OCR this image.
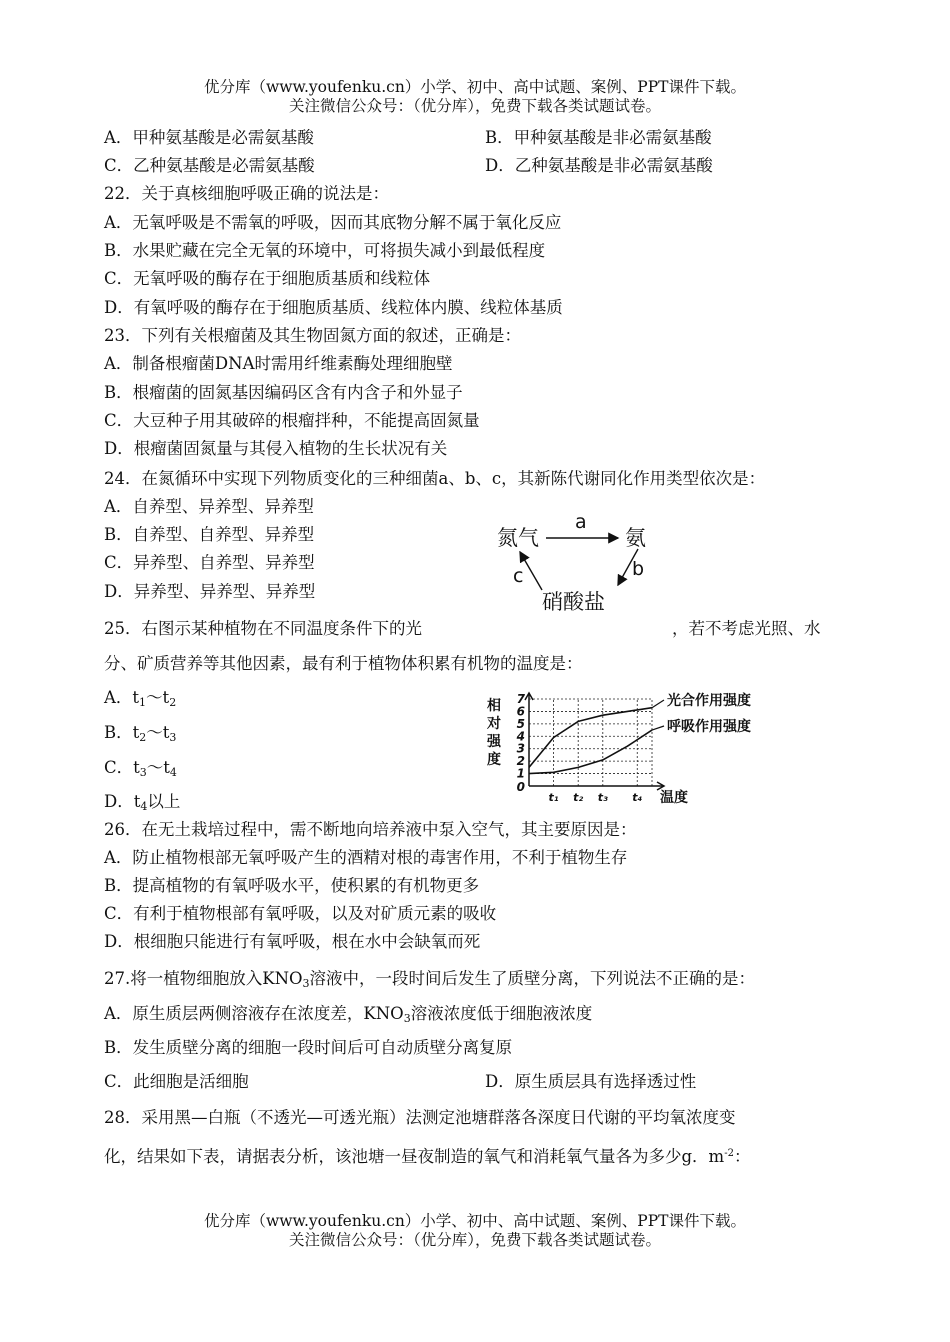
优分库（www.youfenku.cn）小学、初中、高中试题、案例、PPT课件下载。
关注微信公众号：（优分库），免费下载各类试题试卷。
A．甲种氨基酸是必需氨基酸	B．甲种氨基酸是非必需氨基酸
C．乙种氨基酸是必需氨基酸	D．乙种氨基酸是非必需氨基酸
22．关于真核细胞呼吸正确的说法是：
A．无氧呼吸是不需氧的呼吸，因而其底物分解不属于氧化反应
B．水果贮藏在完全无氧的环境中，可将损失减小到最低程度
C．无氧呼吸的酶存在于细胞质基质和线粒体
D．有氧呼吸的酶存在于细胞质基质、线粒体内膜、线粒体基质
23．下列有关根瘤菌及其生物固氮方面的叙述，正确是：
A．制备根瘤菌DNA时需用纤维素酶处理细胞壁
B．根瘤菌的固氮基因编码区含有内含子和外显子
C．大豆种子用其破碎的根瘤拌种，不能提高固氮量
D．根瘤菌固氮量与其侵入植物的生长状况有关
24．在氮循环中实现下列物质变化的三种细菌a、b、c，其新陈代谢同化作用类型依次是：
A．自养型、异养型、异养型
B．自养型、自养型、异养型
C．异养型、自养型、异养型
D．异养型、异养型、异养型
氮气	氨
硝酸盐
a
b
c
25．右图示某种植物在不同温度条件下的光	，若不考虑光照、水
分、矿质营养等其他因素，最有利于植物体积累有机物的温度是：
A．$t_1\sim t_2$
B．$t_2\sim t_3$
C．$t_3\sim t_4$
D．$t_4$以上
1
2
3
4
5
6
7
t₁ t₂ t₃ t₄
0
温度
相
对
强
度
光合作用强度
呼吸作用强度
26．在无土栽培过程中，需不断地向培养液中泵入空气，其主要原因是：
A．防止植物根部无氧呼吸产生的酒精对根的毒害作用，不利于植物生存
B．提高植物的有氧呼吸水平，使积累的有机物更多
C．有利于植物根部有氧呼吸，以及对矿质元素的吸收
D．根细胞只能进行有氧呼吸，根在水中会缺氧而死
27.将一植物细胞放入$KNO_3$溶液中，一段时间后发生了质壁分离，下列说法不正确的是：
A．原生质层两侧溶液存在浓度差，$KNO_3$溶液浓度低于细胞液浓度
B．发生质壁分离的细胞一段时间后可自动质壁分离复原
C．此细胞是活细胞	D．原生质层具有选择透过性
28．采用黑—白瓶（不透光—可透光瓶）法测定池塘群落各深度日代谢的平均氧浓度变
化，结果如下表，请据表分析，该池塘一昼夜制造的氧气和消耗氧气量各为多少g．$m^{-2}$：
优分库（www.youfenku.cn）小学、初中、高中试题、案例、PPT课件下载。
关注微信公众号：（优分库），免费下载各类试题试卷。
